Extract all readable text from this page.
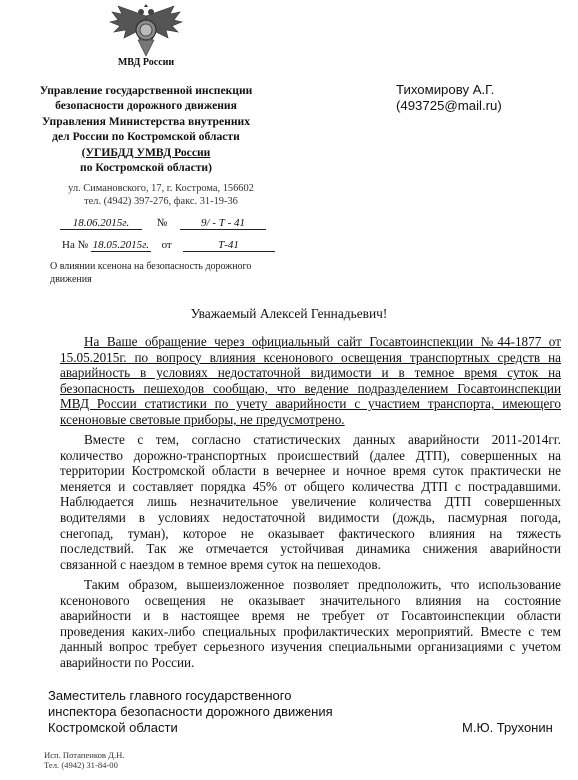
МВД России
Управление государственной инспекции
безопасности дорожного движения
Управления Министерства внутренних
дел России по Костромской области
(УГИБДД УМВД России
по Костромской области)
ул. Симановского, 17, г. Кострома, 156602
тел. (4942) 397-276, факс. 31-19-36
18.06.2015г.	№	9/ - Т - 41
На № 18.05.2015г. от	Т-41
О влиянии ксенона на безопасность дорожного
движения
Тихомирову А.Г.
(493725@mail.ru)
Уважаемый Алексей Геннадьевич!
На Ваше обращение через официальный сайт Госавтоинспекции №44-1877 от
15.05.2015г. по вопросу влияния ксенонового освещения транспортных средств на
аварийность в условиях недостаточной видимости и в темное время суток на
безопасность пешеходов сообщаю, что ведение подразделением Госавтоинспекции
МВД России статистики по учету аварийности с участием транспорта, имеющего
ксеноновые световые приборы, не предусмотрено.
Вместе с тем, согласно статистических данных аварийности 2011-2014гг.
количество дорожно-транспортных происшествий (далее ДТП), совершенных на
территории Костромской области в вечернее и ночное время суток практически не
меняется и составляет порядка 45% от общего количества ДТП с пострадавшими.
Наблюдается лишь незначительное увеличение количества ДТП совершенных
водителями в условиях недостаточной видимости (дождь, пасмурная погода,
снегопад, туман), которое не оказывает фактического влияния на тяжесть
последствий. Так же отмечается устойчивая динамика снижения аварийности
связанной с наездом в темное время суток на пешеходов.
Таким образом, вышеизложенное позволяет предположить, что использование
ксенонового освещения не оказывает значительного влияния на состояние
аварийности и в настоящее время не требует от Госавтоинспекции области
проведения каких-либо специальных профилактических мероприятий. Вместе с тем
данный вопрос требует серьезного изучения специальными организациями с учетом
аварийности по России.
Заместитель главного государственного
инспектора безопасности дорожного движения
Костромской области	М.Ю. Трухонин
Исп. Потапенков Д.Н.
Тел. (4942) 31-84-00
